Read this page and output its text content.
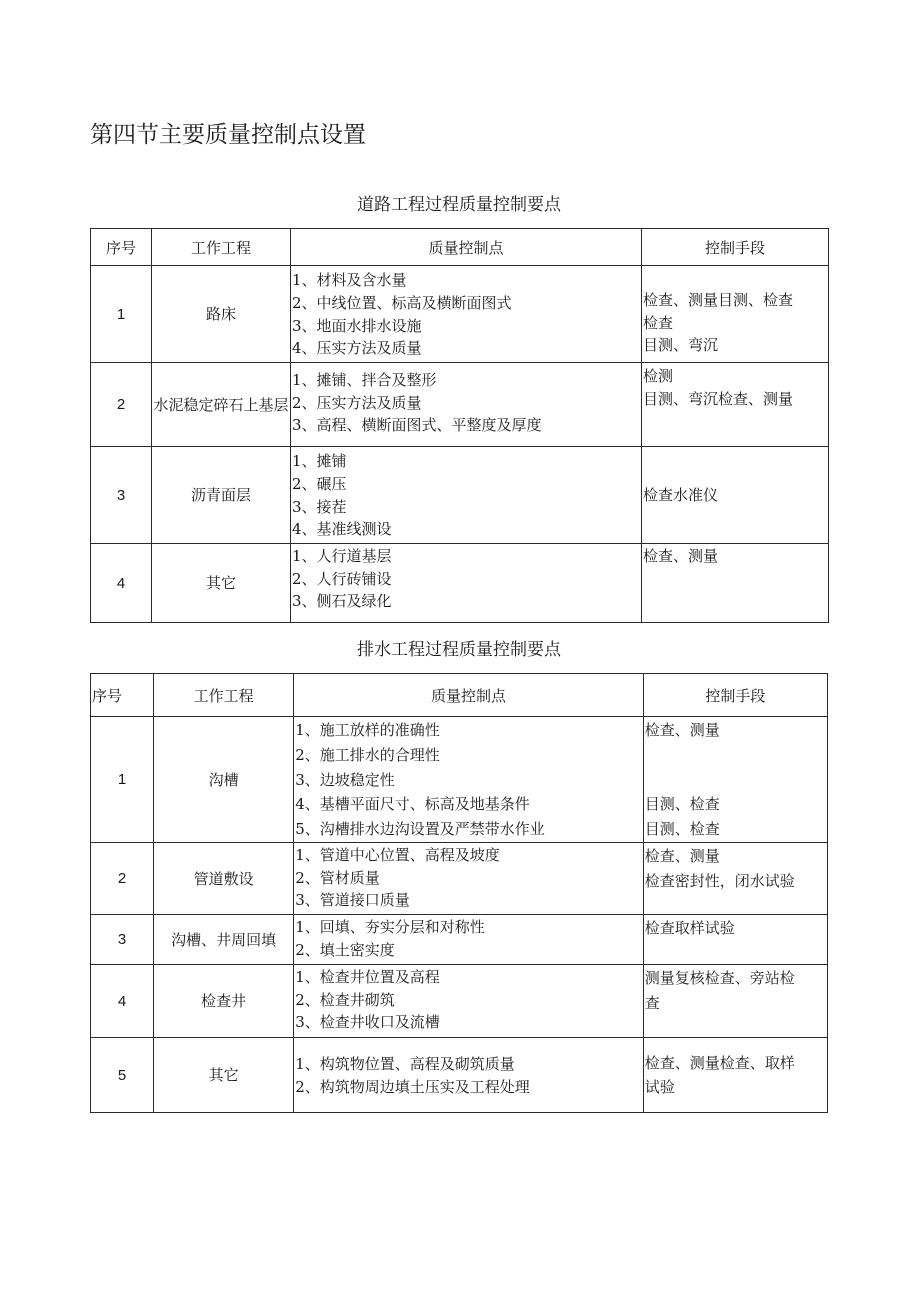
第四节主要质量控制点设置
道路工程过程质量控制要点
序号	工作工程	质量控制点	控制手段
1	路床	1、材料及含水量
2、中线位置、标高及横断面图式
3、地面水排水设施
4、压实方法及质量	检查、测量目测、检查
检查
目测、弯沉

2	水泥稳定碎石上基层	1、摊铺、拌合及整形
2、压实方法及质量
3、高程、横断面图式、平整度及厚度	检测
目测、弯沉检查、测量

3	沥青面层	1、摊铺
2、碾压
3、接茬
4、基准线测设	检查水准仪

4	其它	1、人行道基层
2、人行砖铺设
3、侧石及绿化	检查、测量
排水工程过程质量控制要点
序号	工作工程	质量控制点	控制手段
1	沟槽	1、施工放样的准确性
2、施工排水的合理性
3、边坡稳定性
4、基槽平面尺寸、标高及地基条件
5、沟槽排水边沟设置及严禁带水作业	检查、测量
目测、检查
目测、检查

2	管道敷设	1、管道中心位置、高程及坡度
2、管材质量
3、管道接口质量	检查、测量
检查密封性，闭水试验

3	沟槽、井周回填	1、回填、夯实分层和对称性
2、填土密实度	检查取样试验

4	检查井	1、检查井位置及高程
2、检查井砌筑
3、检查井收口及流槽	测量复核检查、旁站检
查

5	其它	1、构筑物位置、高程及砌筑质量
2、构筑物周边填土压实及工程处理	检查、测量检查、取样
试验
